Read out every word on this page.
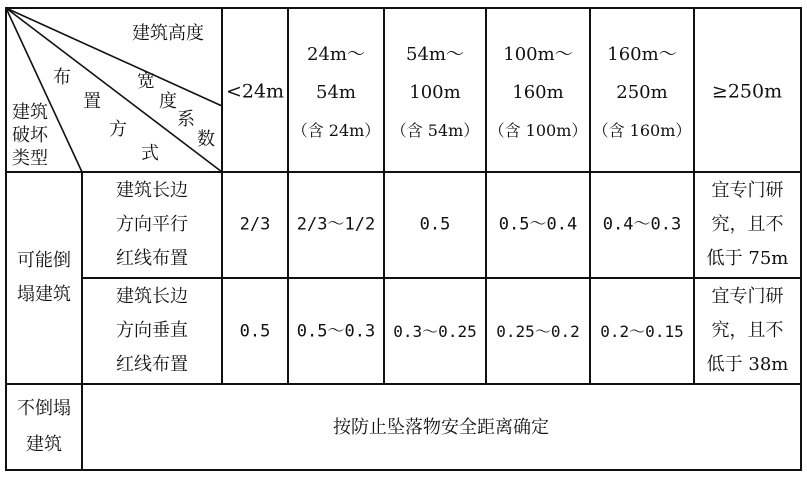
建筑高度
布
置
方
式
宽
度
系
数
建筑
破坏
类型
<24m
24m～
54m
（含 24m）
54m～
100m
（含 54m）
100m～
160m
（含 100m）
160m～
250m
（含 160m）
≥250m
可能倒塌建筑
建筑长边
方向平行
红线布置
2/3 2/3～1/2	0.5	0.5～0.4 0.4～0.3
宜专门研
究，且不
低于 75m
建筑长边
方向垂直
红线布置
0.5 0.5～0.3 0.3～0.25 0.25～0.2 0.2～0.15
宜专门研
究，且不
低于 38m
不倒塌
建筑
按防止坠落物安全距离确定
